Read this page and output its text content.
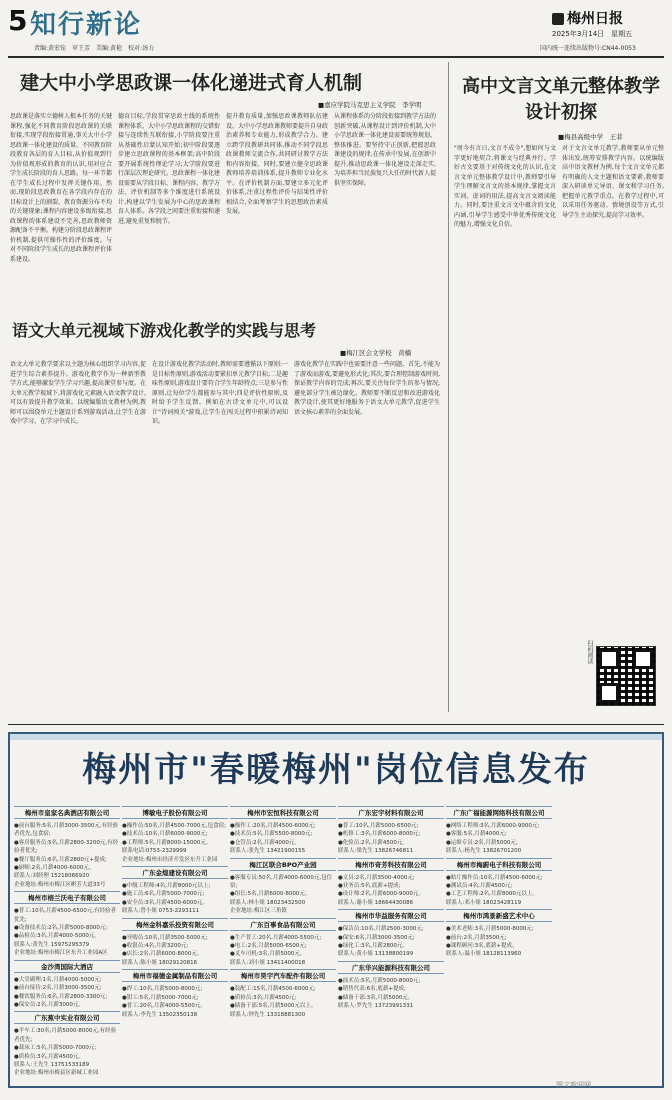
5 知行新论
责编:黄宏铨　审王芳　美编:黄艳　校对:汤力
梅州日报
2025年3月14日　星期五
国内统一连续出版物号:CN44-0053
建大中小学思政课一体化递进式育人机制
■嘉应学院马克思主义学院　李学明
思政课是落实立德树人根本任务的关键课程,强化不同教育阶段思政课的关联衔接,实现学段衔接贯通,事关大中小学思政课一体化建设的质量。不同教育阶段教育各层的育人目标,从价值观到行为价值观形成的教育的认识,用对应合学生成长阶段的育人思路。每一环节都在学生成长过程中发挥关键作用。然而,现阶段思政教育在各学段内存在的目标设计上的割裂、教育资源分布不均的关键现象;课程内容建设多级衔接,思政课程的体系建设不完善,思政教师资源配备不平衡。构建分阶段思政课程评价机制,提供可操作性的评价维度。与对不同阶段学生成长的思政课程评价体系建设。
德育目标,学段贯穿思政主线的系统性课程体系。大中小学思政课程的交错衔接与连续性互联衔接,小学阶段要注重从基础性启蒙认知开始;初中阶段要逐步建立思政课程的基本框架;高中阶段要开展系统性理论学习;大学阶段要进行深层次理论研究。思政课程一体化建设需要从学段目标、课程内容、教学方法、评价机制等多个维度进行系统设计,构建以学生发展为中心的思政课程育人体系。各学段之间要注重衔接和递进,避免重复和脱节。
提升教育质量,加强思政课教师队伍建设。大中小学思政课教师要提升自身政治素养和专业能力,形成教学合力。建立跨学段教研共同体,推动不同学段思政课教师交流合作,共同研讨教学方法和内容衔接。同时,要建立健全思政课教师培养培训体系,提升教师专业化水平。在评价机制方面,要建立多元化评价体系,注重过程性评价与结果性评价相结合,全面考察学生的思想政治素质发展。
从课程体系的分阶段衔接到教学方法的创新突破,从课程设计到评价机制,大中小学思政课一体化建设需要统筹规划、整体推进。要坚持守正创新,把握思政课建设的规律,在传承中发展,在创新中提升,推动思政课一体化建设走深走实,为培养担当民族复兴大任的时代新人提供坚实保障。
语文大单元视域下游戏化教学的实践与思考
■梅江区会文学校　黄楠
语文大单元教学要求以主题为核心组织学习内容,促进学生综合素养提升。游戏化教学作为一种新型教学方式,能够激发学生学习兴趣,提高课堂参与度。在大单元教学视域下,将游戏化元素融入语文教学设计,可以有效提升教学效果。以统编版语文教材为例,教师可以围绕单元主题设计系列游戏活动,让学生在游戏中学习、在学习中成长。
在设计游戏化教学活动时,教师需要遵循以下原则:一是目标性原则,游戏活动要紧扣单元教学目标;二是趣味性原则,游戏设计要符合学生年龄特点;三是参与性原则,让每位学生都能参与其中;四是评价性原则,及时给予学生反馈。例如在古诗文单元中,可以设计"诗词闯关"游戏,让学生在闯关过程中积累诗词知识。
游戏化教学在实践中也需要注意一些问题。首先,不能为了游戏而游戏,要避免形式化;其次,要合理控制游戏时间,保证教学内容的完成;再次,要关注每位学生的参与情况,避免部分学生被边缘化。教师要不断反思和改进游戏化教学设计,使其更好地服务于语文大单元教学,促进学生语文核心素养的全面发展。
高中文言文单元整体教学设计初探
■梅县高级中学　王菲
"周今有言日,文言不成今",想如何与文字更好地契合,将课文与经典并行。学好古文要基于对传统文化的认识,在文言文单元整体教学设计中,教师要引导学生理解文言文的基本规律,掌握文言实词、虚词的用法,提高文言文阅读能力。同时,要注重文言文中蕴含的文化内涵,引导学生感受中华优秀传统文化的魅力,增强文化自信。
对于文言文单元教学,教师要从单元整体出发,统筹安排教学内容。以统编版高中语文教材为例,每个文言文单元都有明确的人文主题和语文要素,教师要深入研读单元导语、课文和学习任务,把握单元教学重点。在教学过程中,可以采用任务驱动、情境创设等方式,引导学生主动探究,提高学习效率。
扫码阅读
梅州市"春暖梅州"岗位信息发布
梅州市皇家名典酒店有限公司
●前台服务:5名,月薪3000-3500元,有经验者优先,包食宿;
●客房服务员:5名,月薪2800-3200元,有经验者优先;
●餐厅服务员:6名,月薪2800元+提成;
●厨师:2名,月薪4000-6000元。
联系人:刘经理 15218066920
企业地址:梅州市梅江区彬芳大道33号
梅州市榕兰沃电子有限公司
●普工:10名,月薪4500-6500元,有经验者优先;
●设备技术员:2名,月薪5000-8000元;
●品检员:3名,月薪4000-5000元。
联系人:黄先生 15975295379
企业地址:梅州市梅江区东升工业园A区
金沙湾国际大酒店
●大堂副理:1名,月薪4000-5000元;
●前台接待:2名,月薪3000-3500元;
●餐饮服务员:6名,月薪2800-3300元;
●保安员:2名,月薪3000元。
广东蕉中实业有限公司
●平车工:30名,月薪5000-8000元,有经验者优先;
●裁床工:5名,月薪5000-7000元;
●质检员:3名,月薪4500元。
联系人:王先生 13751533189
企业地址:梅州市梅县区新城工业园
博敏电子股份有限公司
●操作员:50名,月薪4500-7000元,包食宿;
●技术员:10名,月薪6000-9000元;
●工程师:5名,月薪8000-15000元。
联系电话:0753-2329999
企业地址:梅州市经济开发区东升工业园
广东金煌建设有限公司
●中级工程师:4名,月薪8000元以上;
●施工员:6名,月薪5000-7000元;
●安全员:3名,月薪4500-6000元。
联系人:曾小姐 0753-2293111
梅州金科嘉乐投资有限公司
●导购员:10名,月薪3500-5000元;
●收银员:4名,月薪3200元;
●店长:2名,月薪6000-8000元。
联系人:陈小姐 18029120816
梅州市福德金属制品有限公司
●焊工:10名,月薪5000-8000元;
●钳工:5名,月薪5000-7000元;
●普工:20名,月薪4000-5500元。
联系人:李先生 13502350138
梅州市宏恒科技有限公司
●操作工:20名,月薪4500-6000元;
●技术员:5名,月薪5500-8000元;
●仓管员:2名,月薪4000元。
联系人:张先生 13421900155
梅江区联合BPO产业园
●客服专员:50名,月薪4000-6000元,包住宿;
●组长:5名,月薪6000-8000元。
联系人:林小姐 18023432500
企业地址:梅江区三角镇
广东百事食品有限公司
●生产普工:20名,月薪4000-5500元;
●电工:2名,月薪5000-6500元;
●叉车司机:3名,月薪5000元。
联系人:刘小姐 13411400018
梅州市昊宇汽车配件有限公司
●装配工:15名,月薪4500-6000元;
●质检员:3名,月薪4500元;
●储备干部:5名,月薪5000元以上。
联系人:钟先生 13318881300
广东宏宇材料有限公司
●普工:10名,月薪5000-6500元;
●机修工:3名,月薪6000-8000元;
●化验员:2名,月薪4500元。
联系人:梁先生 13826746811
梅州市奇芳科技有限公司
●文员:2名,月薪3500-4000元;
●业务员:5名,底薪+提成;
●设计师:2名,月薪6000-9000元。
联系人:谢小姐 18664430086
梅州市华益服务有限公司
●保洁员:10名,月薪2500-3000元;
●保安:6名,月薪3000-3500元;
●绿化工:3名,月薪2800元。
联系人:黄小姐 13138800199
广东华兴能源科技有限公司
●技术员:5名,月薪5000-8000元;
●销售代表:6名,底薪+提成;
●储备干部:3名,月薪5000元。
联系人:罗先生 13723991331
广东广福能源网络科技有限公司
●网络工程师:3名,月薪6000-9000元;
●客服:5名,月薪4000元;
●运维专员:2名,月薪5000元。
联系人:杨先生 13826701200
梅州市梅蔚电子科技有限公司
●贴片操作员:10名,月薪4500-6000元;
●测试员:4名,月薪4500元;
●工艺工程师:2名,月薪8000元以上。
联系人:邓小姐 18023428119
梅州市鸿景新盛艺术中心
●美术老师:3名,月薪5000-8000元;
●前台:2名,月薪3500元;
●课程顾问:3名,底薪+提成。
联系人:温小姐 18128113960
图文新闻网
